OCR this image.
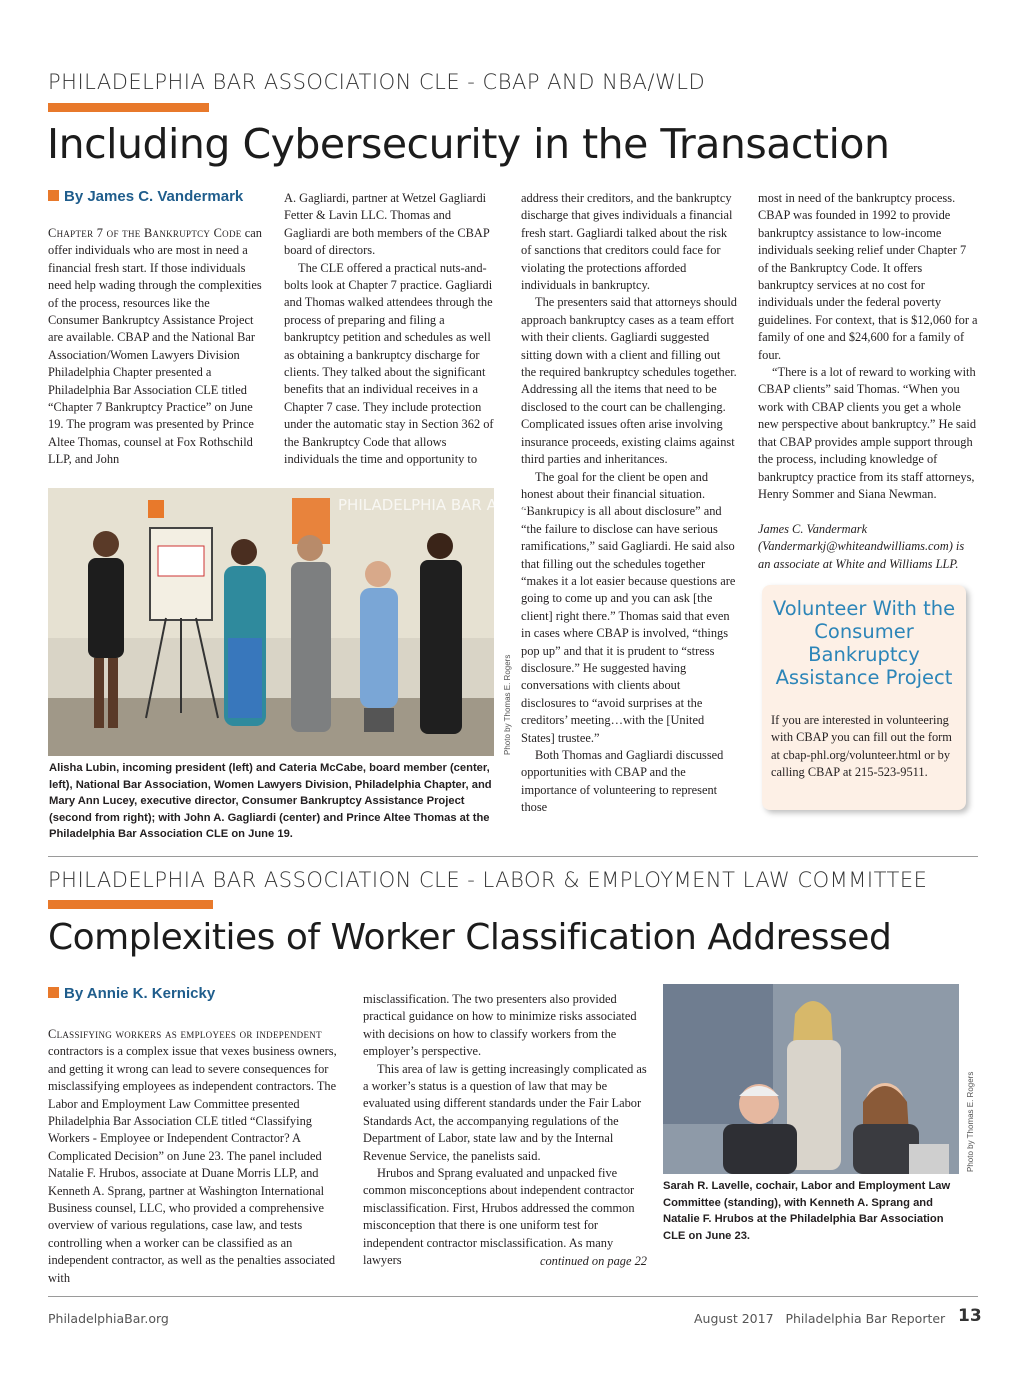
PHILADELPHIA BAR ASSOCIATION CLE - CBAP AND NBA/WLD
Including Cybersecurity in the Transaction
By James C. Vandermark

Chapter 7 of the Bankruptcy Code can offer individuals who are most in need a financial fresh start. If those individuals need help wading through the complexities of the process, resources like the Consumer Bankruptcy Assistance Project are available. CBAP and the National Bar Association/Women Lawyers Division Philadelphia Chapter presented a Philadelphia Bar Association CLE titled “Chapter 7 Bankruptcy Practice” on June 19. The program was presented by Prince Altee Thomas, counsel at Fox Rothschild LLP, and John

A. Gagliardi, partner at Wetzel Gagliardi Fetter & Lavin LLC. Thomas and Gagliardi are both members of the CBAP board of directors.

The CLE offered a practical nuts-and-bolts look at Chapter 7 practice. Gagliardi and Thomas walked attendees through the process of preparing and filing a bankruptcy petition and schedules as well as obtaining a bankruptcy discharge for clients. They talked about the significant benefits that an individual receives in a Chapter 7 case. They include protection under the automatic stay in Section 362 of the Bankruptcy Code that allows individuals the time and opportunity to

address their creditors, and the bankruptcy discharge that gives individuals a financial fresh start. Gagliardi talked about the risk of sanctions that creditors could face for violating the protections afforded individuals in bankruptcy.

The presenters said that attorneys should approach bankruptcy cases as a team effort with their clients. Gagliardi suggested sitting down with a client and filling out the required bankruptcy schedules together. Addressing all the items that need to be disclosed to the court can be challenging. Complicated issues often arise involving insurance proceeds, existing claims against third parties and inheritances.

The goal for the client be open and honest about their financial situation. “Bankruptcy is all about disclosure” and “the failure to disclose can have serious ramifications,” said Gagliardi. He said also that filling out the schedules together “makes it a lot easier because questions are going to come up and you can ask [the client] right there.” Thomas said that even in cases where CBAP is involved, “things pop up” and that it is prudent to “stress disclosure.” He suggested having conversations with clients about disclosures to “avoid surprises at the creditors’ meeting…with the [United States] trustee.”

Both Thomas and Gagliardi discussed opportunities with CBAP and the importance of volunteering to represent those

most in need of the bankruptcy process. CBAP was founded in 1992 to provide bankruptcy assistance to low-income individuals seeking relief under Chapter 7 of the Bankruptcy Code. It offers bankruptcy services at no cost for individuals under the federal poverty guidelines. For context, that is $12,060 for a family of one and $24,600 for a family of four.

“There is a lot of reward to working with CBAP clients” said Thomas. “When you work with CBAP clients you get a whole new perspective about bankruptcy.” He said that CBAP provides ample support through the process, including knowledge of bankruptcy practice from its staff attorneys, Henry Sommer and Siana Newman.

James C. Vandermark (Vandermarkj@whiteandwilliams.com) is an associate at White and Williams LLP.
PHILADELPHIA BAR ASSOCIATION
Photo by Thomas E. Rogers
Alisha Lubin, incoming president (left) and Cateria McCabe, board member (center, left), National Bar Association, Women Lawyers Division, Philadelphia Chapter, and Mary Ann Lucey, executive director, Consumer Bankruptcy Assistance Project (second from right); with John A. Gagliardi (center) and Prince Altee Thomas at the Philadelphia Bar Association CLE on June 19.
Volunteer With the Consumer Bankruptcy Assistance Project
If you are interested in volunteering with CBAP you can fill out the form at cbap-phl.org/volunteer.html or by calling CBAP at 215-523-9511.
PHILADELPHIA BAR ASSOCIATION CLE - LABOR & EMPLOYMENT LAW COMMITTEE
Complexities of Worker Classification Addressed
By Annie K. Kernicky

Classifying workers as employees or independent contractors is a complex issue that vexes business owners, and getting it wrong can lead to severe consequences for misclassifying employees as independent contractors. The Labor and Employment Law Committee presented Philadelphia Bar Association CLE titled “Classifying Workers - Employee or Independent Contractor? A Complicated Decision” on June 23. The panel included Natalie F. Hrubos, associate at Duane Morris LLP, and Kenneth A. Sprang, partner at Washington International Business counsel, LLC, who provided a comprehensive overview of various regulations, case law, and tests controlling when a worker can be classified as an independent contractor, as well as the penalties associated with

misclassification. The two presenters also provided practical guidance on how to minimize risks associated with decisions on how to classify workers from the employer’s perspective.

This area of law is getting increasingly complicated as a worker’s status is a question of law that may be evaluated using different standards under the Fair Labor Standards Act, the accompanying regulations of the Department of Labor, state law and by the Internal Revenue Service, the panelists said.

Hrubos and Sprang evaluated and unpacked five common misconceptions about independent contractor misclassification. First, Hrubos addressed the common misconception that there is one uniform test for independent contractor misclassification. As many lawyers	continued on page 22
Photo by Thomas E. Rogers
Sarah R. Lavelle, cochair, Labor and Employment Law Committee (standing), with Kenneth A. Sprang and Natalie F. Hrubos at the Philadelphia Bar Association CLE on June 23.
PhiladelphiaBar.org	August 2017   Philadelphia Bar Reporter 13
